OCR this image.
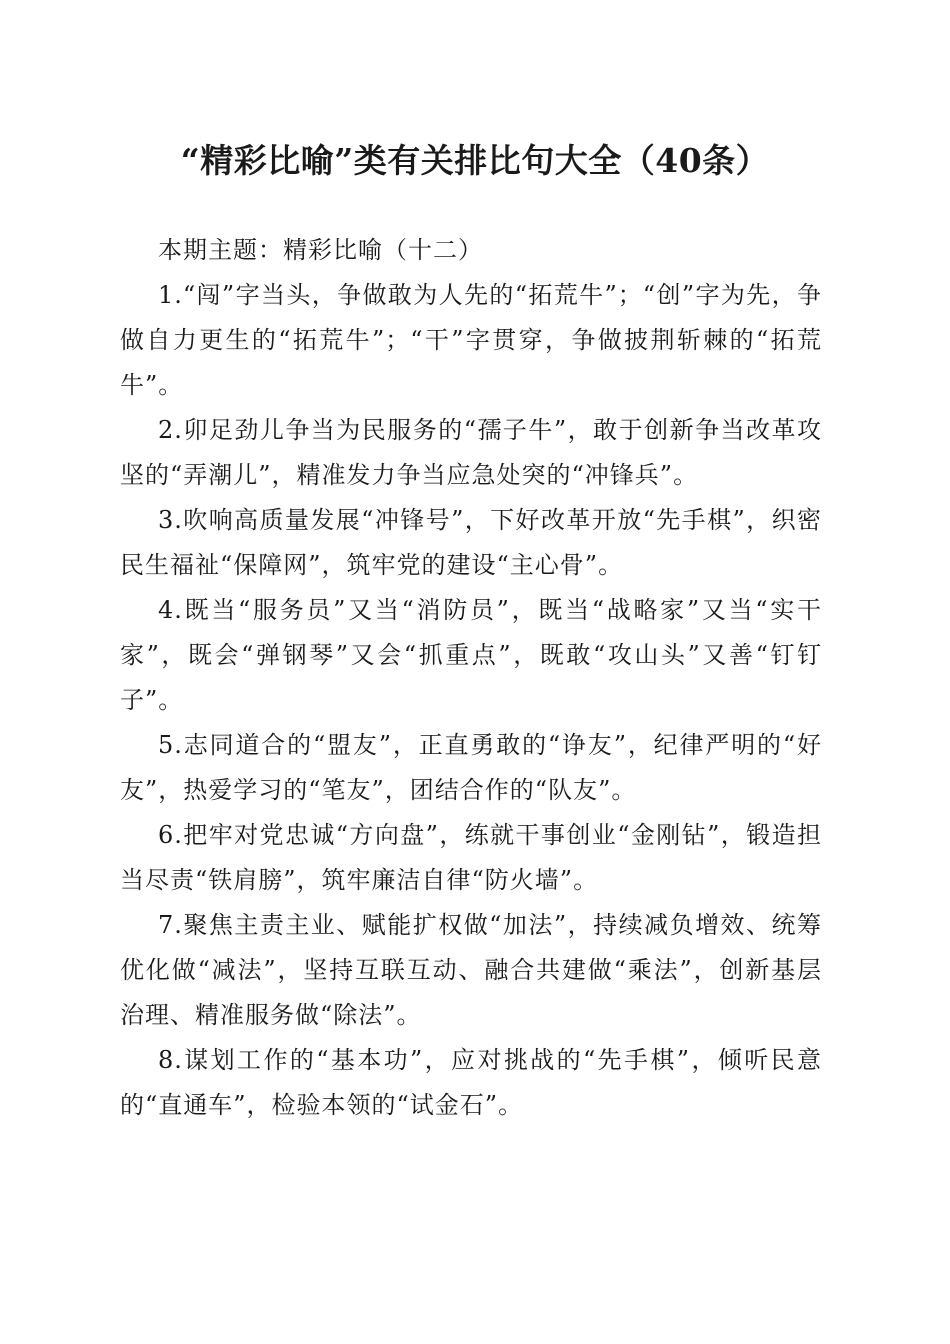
“精彩比喻”类有关排比句大全（40条）

本期主题：精彩比喻（十二）

1.“闯”字当头，争做敢为人先的“拓荒牛”；“创”字为先，争做自力更生的“拓荒牛”；“干”字贯穿，争做披荆斩棘的“拓荒牛”。

2.卯足劲儿争当为民服务的“孺子牛”，敢于创新争当改革攻坚的“弄潮儿”，精准发力争当应急处突的“冲锋兵”。

3.吹响高质量发展“冲锋号”，下好改革开放“先手棋”，织密民生福祉“保障网”，筑牢党的建设“主心骨”。

4.既当“服务员”又当“消防员”，既当“战略家”又当“实干家”，既会“弹钢琴”又会“抓重点”，既敢“攻山头”又善“钉钉子”。

5.志同道合的“盟友”，正直勇敢的“诤友”，纪律严明的“好友”，热爱学习的“笔友”，团结合作的“队友”。

6.把牢对党忠诚“方向盘”，练就干事创业“金刚钻”，锻造担当尽责“铁肩膀”，筑牢廉洁自律“防火墙”。

7.聚焦主责主业、赋能扩权做“加法”，持续减负增效、统筹优化做“减法”，坚持互联互动、融合共建做“乘法”，创新基层治理、精准服务做“除法”。

8.谋划工作的“基本功”，应对挑战的“先手棋”，倾听民意的“直通车”，检验本领的“试金石”。
